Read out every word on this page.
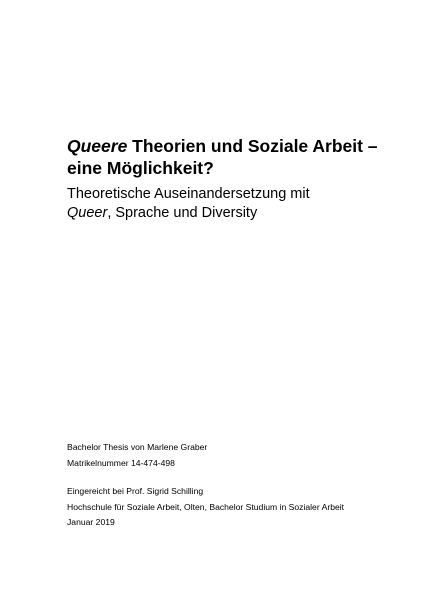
Queere Theorien und Soziale Arbeit –
eine Möglichkeit?
Theoretische Auseinandersetzung mit
Queer, Sprache und Diversity

Bachelor Thesis von Marlene Graber

Matrikelnummer 14-474-498

Eingereicht bei Prof. Sigrid Schilling

Hochschule für Soziale Arbeit, Olten, Bachelor Studium in Sozialer Arbeit

Januar 2019
